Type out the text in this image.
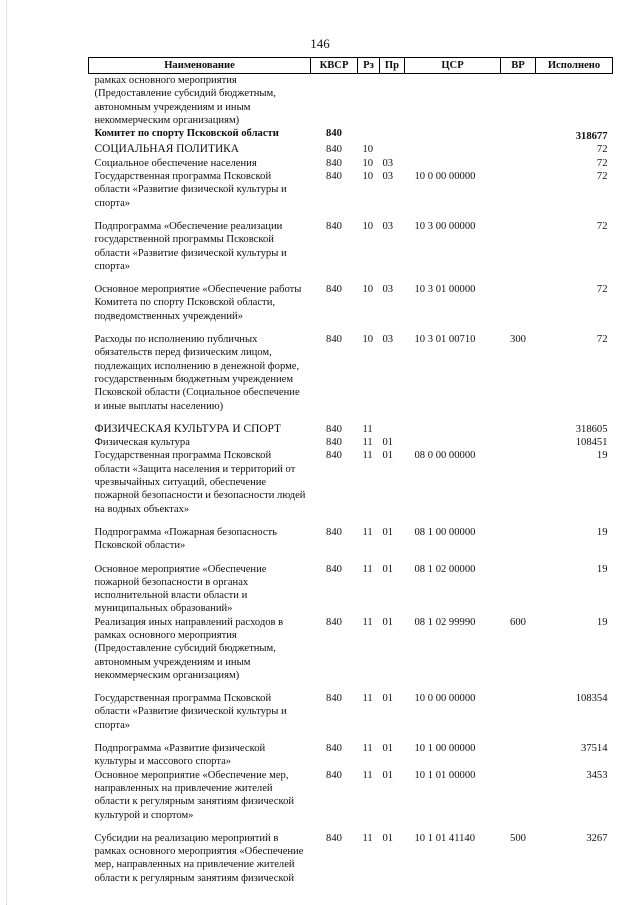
146
Наименование	КВСР	Рз	Пр	ЦСР	ВР	Исполнено
рамках основного мероприятия (Предоставление субсидий бюджетным, автономным учреждениям и иным некоммерческим организациям)						
Комитет по спорту Псковской области	840					318677
СОЦИАЛЬНАЯ ПОЛИТИКА	840	10				72
Социальное обеспечение населения	840	10	03			72
Государственная программа Псковской области «Развитие физической культуры и спорта»	840	10	03	10 0 00 00000		72
Подпрограмма «Обеспечение реализации государственной программы Псковской области «Развитие физической культуры и спорта»	840	10	03	10 3 00 00000		72
Основное мероприятие «Обеспечение работы Комитета по спорту Псковской области, подведомственных учреждений»	840	10	03	10 3 01 00000		72
Расходы по исполнению публичных обязательств перед физическим лицом, подлежащих исполнению в денежной форме, государственным бюджетным учреждением Псковской области (Социальное обеспечение и иные выплаты населению)	840	10	03	10 3 01 00710	300	72
ФИЗИЧЕСКАЯ КУЛЬТУРА И СПОРТ	840	11				318605
Физическая культура	840	11	01			108451
Государственная программа Псковской области «Защита населения и территорий от чрезвычайных ситуаций, обеспечение пожарной безопасности и безопасности людей на водных объектах»	840	11	01	08 0 00 00000		19
Подпрограмма «Пожарная безопасность Псковской области»	840	11	01	08 1 00 00000		19
Основное мероприятие «Обеспечение пожарной безопасности в органах исполнительной власти области и муниципальных образований»	840	11	01	08 1 02 00000		19
Реализация иных направлений расходов в рамках основного мероприятия (Предоставление субсидий бюджетным, автономным учреждениям и иным некоммерческим организациям)	840	11	01	08 1 02 99990	600	19
Государственная программа Псковской области «Развитие физической культуры и спорта»	840	11	01	10 0 00 00000		108354
Подпрограмма «Развитие физической культуры и массового спорта»	840	11	01	10 1 00 00000		37514
Основное мероприятие «Обеспечение мер, направленных на привлечение жителей области к регулярным занятиям физической культурой и спортом»	840	11	01	10 1 01 00000		3453
Субсидии на реализацию мероприятий в рамках основного мероприятия «Обеспечение мер, направленных на привлечение жителей области к регулярным занятиям физической	840	11	01	10 1 01 41140	500	3267
